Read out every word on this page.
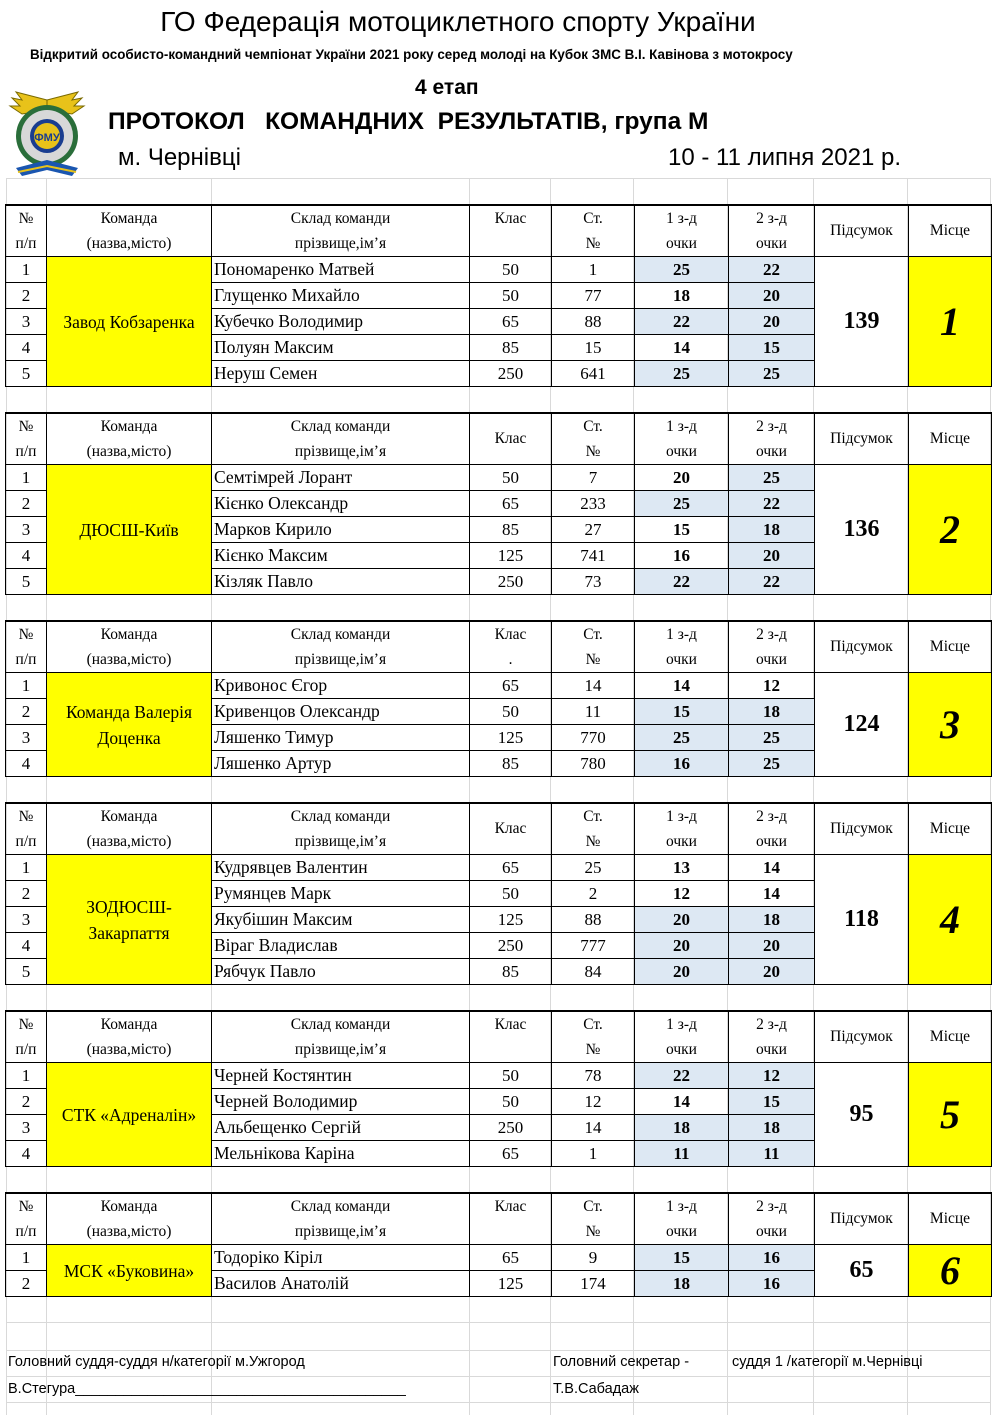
ГО Федерація мотоциклетного спорту України
Відкритий особисто-командний чемпіонат України 2021 року серед молоді на Кубок ЗМС В.І. Кавінова з мотокросу
4 етап
ПРОТОКОЛ   КОМАНДНИХ  РЕЗУЛЬТАТІВ, група М
м. Чернівці	10 - 11 липня 2021 р.
ФМУ
№	Команда	Склад команди	Клас	Ст.	1 з-д	2 з-д	Підсумок	Місце
п/п	(назва,місто)	прізвище,ім’я		№	очки	очки		
1	Завод Кобзаренка	Пономаренко Матвей	50	1	25	22	139	1
2		Глущенко Михайло	50	77	18	20		
3		Кубечко Володимир	65	88	22	20		
4		Полуян Максим	85	15	14	15		
5		Неруш Семен	250	641	25	25		
№	Команда	Склад команди	Клас	Ст.	1 з-д	2 з-д	Підсумок	Місце
п/п	(назва,місто)	прізвище,ім’я		№	очки	очки		
1	ДЮСШ-Київ	Семтімрей Лорант	50	7	20	25	136	2
2		Кієнко Олександр	65	233	25	22		
3		Марков Кирило	85	27	15	18		
4		Кієнко Максим	125	741	16	20		
5		Кізляк Павло	250	73	22	22		
№	Команда	Склад команди	Клас	Ст.	1 з-д	2 з-д	Підсумок	Місце
п/п	(назва,місто)	прізвище,ім’я	.	№	очки	очки		
1	Команда Валерія Доценка	Кривонос Єгор	65	14	14	12	124	3
2		Кривенцов Олександр	50	11	15	18		
3		Ляшенко Тимур	125	770	25	25		
4		Ляшенко Артур	85	780	16	25		
№	Команда	Склад команди	Клас	Ст.	1 з-д	2 з-д	Підсумок	Місце
п/п	(назва,місто)	прізвище,ім’я		№	очки	очки		
1	ЗОДЮСШ-Закарпаття	Кудрявцев Валентин	65	25	13	14	118	4
2		Румянцев Марк	50	2	12	14		
3		Якубішин Максим	125	88	20	18		
4		Віраг Владислав	250	777	20	20		
5		Рябчук Павло	85	84	20	20		
№	Команда	Склад команди	Клас	Ст.	1 з-д	2 з-д	Підсумок	Місце
п/п	(назва,місто)	прізвище,ім’я		№	очки	очки		
1	СТК «Адреналін»	Черней Костянтин	50	78	22	12	95	5
2		Черней Володимир	50	12	14	15		
3		Альбещенко Сергій	250	14	18	18		
4		Мельнікова Каріна	65	1	11	11		
№	Команда	Склад команди	Клас	Ст.	1 з-д	2 з-д	Підсумок	Місце
п/п	(назва,місто)	прізвище,ім’я		№	очки	очки		
1	МСК «Буковина»	Тодоріко Кіріл	65	9	15	16	65	6
2		Василов Анатолій	125	174	18	16		
Головний суддя-суддя н/категорії м.Ужгород
В.Стегура_________________________________________
Головний секретар -	суддя 1 /категорії м.Чернівці
Т.В.Сабадаж
